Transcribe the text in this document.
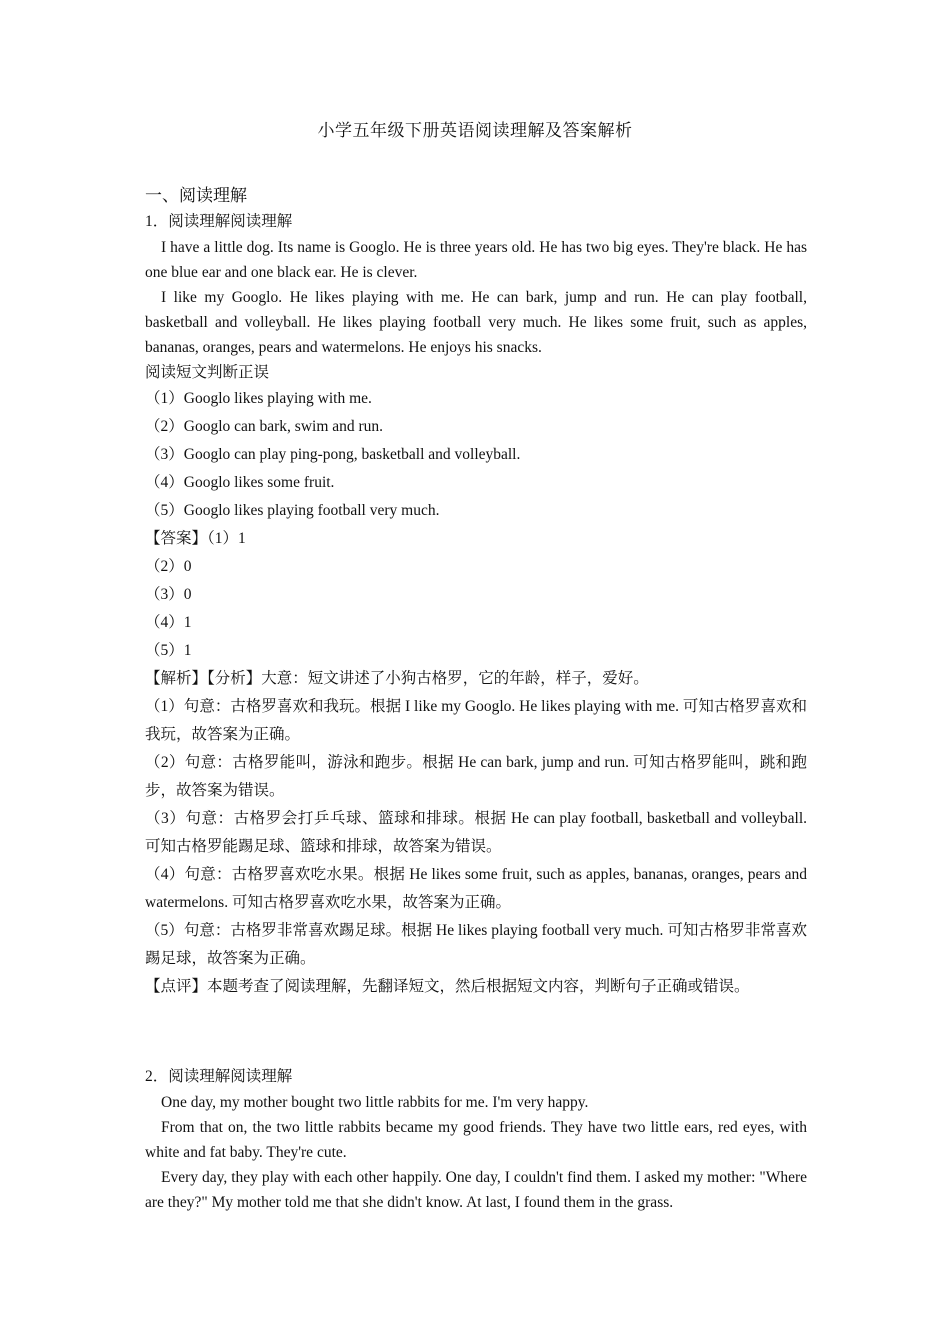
小学五年级下册英语阅读理解及答案解析
一、阅读理解
1．阅读理解阅读理解

I have a little dog. Its name is Googlo. He is three years old. He has two big eyes. They're black. He has one blue ear and one black ear. He is clever.

I like my Googlo. He likes playing with me. He can bark, jump and run. He can play football, basketball and volleyball. He likes playing football very much. He likes some fruit, such as apples, bananas, oranges, pears and watermelons. He enjoys his snacks.

阅读短文判断正误

（1）Googlo likes playing with me.

（2）Googlo can bark, swim and run.

（3）Googlo can play ping-pong, basketball and volleyball.

（4）Googlo likes some fruit.

（5）Googlo likes playing football very much.

【答案】（1）1

（2）0

（3）0

（4）1

（5）1

【解析】【分析】大意：短文讲述了小狗古格罗，它的年龄，样子，爱好。

（1）句意：古格罗喜欢和我玩。根据 I like my Googlo. He likes playing with me. 可知古格罗喜欢和我玩，故答案为正确。

（2）句意：古格罗能叫，游泳和跑步。根据 He can bark, jump and run. 可知古格罗能叫，跳和跑步，故答案为错误。

（3）句意：古格罗会打乒乓球、篮球和排球。根据 He can play football, basketball and volleyball. 可知古格罗能踢足球、篮球和排球，故答案为错误。

（4）句意：古格罗喜欢吃水果。根据 He likes some fruit, such as apples, bananas, oranges, pears and watermelons. 可知古格罗喜欢吃水果，故答案为正确。

（5）句意：古格罗非常喜欢踢足球。根据 He likes playing football very much. 可知古格罗非常喜欢踢足球，故答案为正确。

【点评】本题考查了阅读理解，先翻译短文，然后根据短文内容，判断句子正确或错误。

2．阅读理解阅读理解

One day, my mother bought two little rabbits for me. I'm very happy.

From that on, the two little rabbits became my good friends. They have two little ears, red eyes, with white and fat baby. They're cute.

Every day, they play with each other happily. One day, I couldn't find them. I asked my mother: "Where are they?" My mother told me that she didn't know. At last, I found them in the grass.
